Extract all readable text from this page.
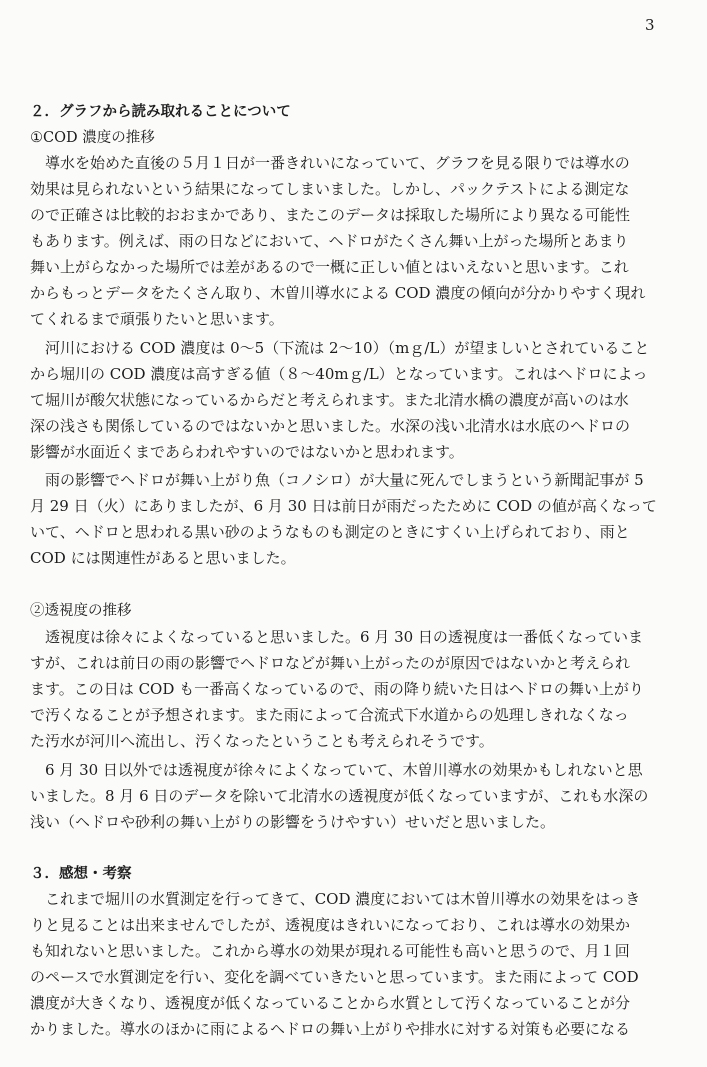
3
２．グラフから読み取れることについて
①COD 濃度の推移
導水を始めた直後の５月１日が一番きれいになっていて、グラフを見る限りでは導水の
効果は見られないという結果になってしまいました。しかし、パックテストによる測定な
ので正確さは比較的おおまかであり、またこのデータは採取した場所により異なる可能性
もあります。例えば、雨の日などにおいて、ヘドロがたくさん舞い上がった場所とあまり
舞い上がらなかった場所では差があるので一概に正しい値とはいえないと思います。これ
からもっとデータをたくさん取り、木曽川導水による COD 濃度の傾向が分かりやすく現れ
てくれるまで頑張りたいと思います。
河川における COD 濃度は 0〜5（下流は 2〜10）（mｇ/L）が望ましいとされていること
から堀川の COD 濃度は高すぎる値（８〜40mｇ/L）となっています。これはヘドロによっ
て堀川が酸欠状態になっているからだと考えられます。また北清水橋の濃度が高いのは水
深の浅さも関係しているのではないかと思いました。水深の浅い北清水は水底のヘドロの
影響が水面近くまであらわれやすいのではないかと思われます。
雨の影響でヘドロが舞い上がり魚（コノシロ）が大量に死んでしまうという新聞記事が 5
月 29 日（火）にありましたが、6 月 30 日は前日が雨だったために COD の値が高くなって
いて、ヘドロと思われる黒い砂のようなものも測定のときにすくい上げられており、雨と
COD には関連性があると思いました。
②透視度の推移
透視度は徐々によくなっていると思いました。6 月 30 日の透視度は一番低くなっていま
すが、これは前日の雨の影響でヘドロなどが舞い上がったのが原因ではないかと考えられ
ます。この日は COD も一番高くなっているので、雨の降り続いた日はヘドロの舞い上がり
で汚くなることが予想されます。また雨によって合流式下水道からの処理しきれなくなっ
た汚水が河川へ流出し、汚くなったということも考えられそうです。
6 月 30 日以外では透視度が徐々によくなっていて、木曽川導水の効果かもしれないと思
いました。8 月 6 日のデータを除いて北清水の透視度が低くなっていますが、これも水深の
浅い（ヘドロや砂利の舞い上がりの影響をうけやすい）せいだと思いました。
３．感想・考察
これまで堀川の水質測定を行ってきて、COD 濃度においては木曽川導水の効果をはっき
りと見ることは出来ませんでしたが、透視度はきれいになっており、これは導水の効果か
も知れないと思いました。これから導水の効果が現れる可能性も高いと思うので、月１回
のペースで水質測定を行い、変化を調べていきたいと思っています。また雨によって COD
濃度が大きくなり、透視度が低くなっていることから水質として汚くなっていることが分
かりました。導水のほかに雨によるヘドロの舞い上がりや排水に対する対策も必要になる
